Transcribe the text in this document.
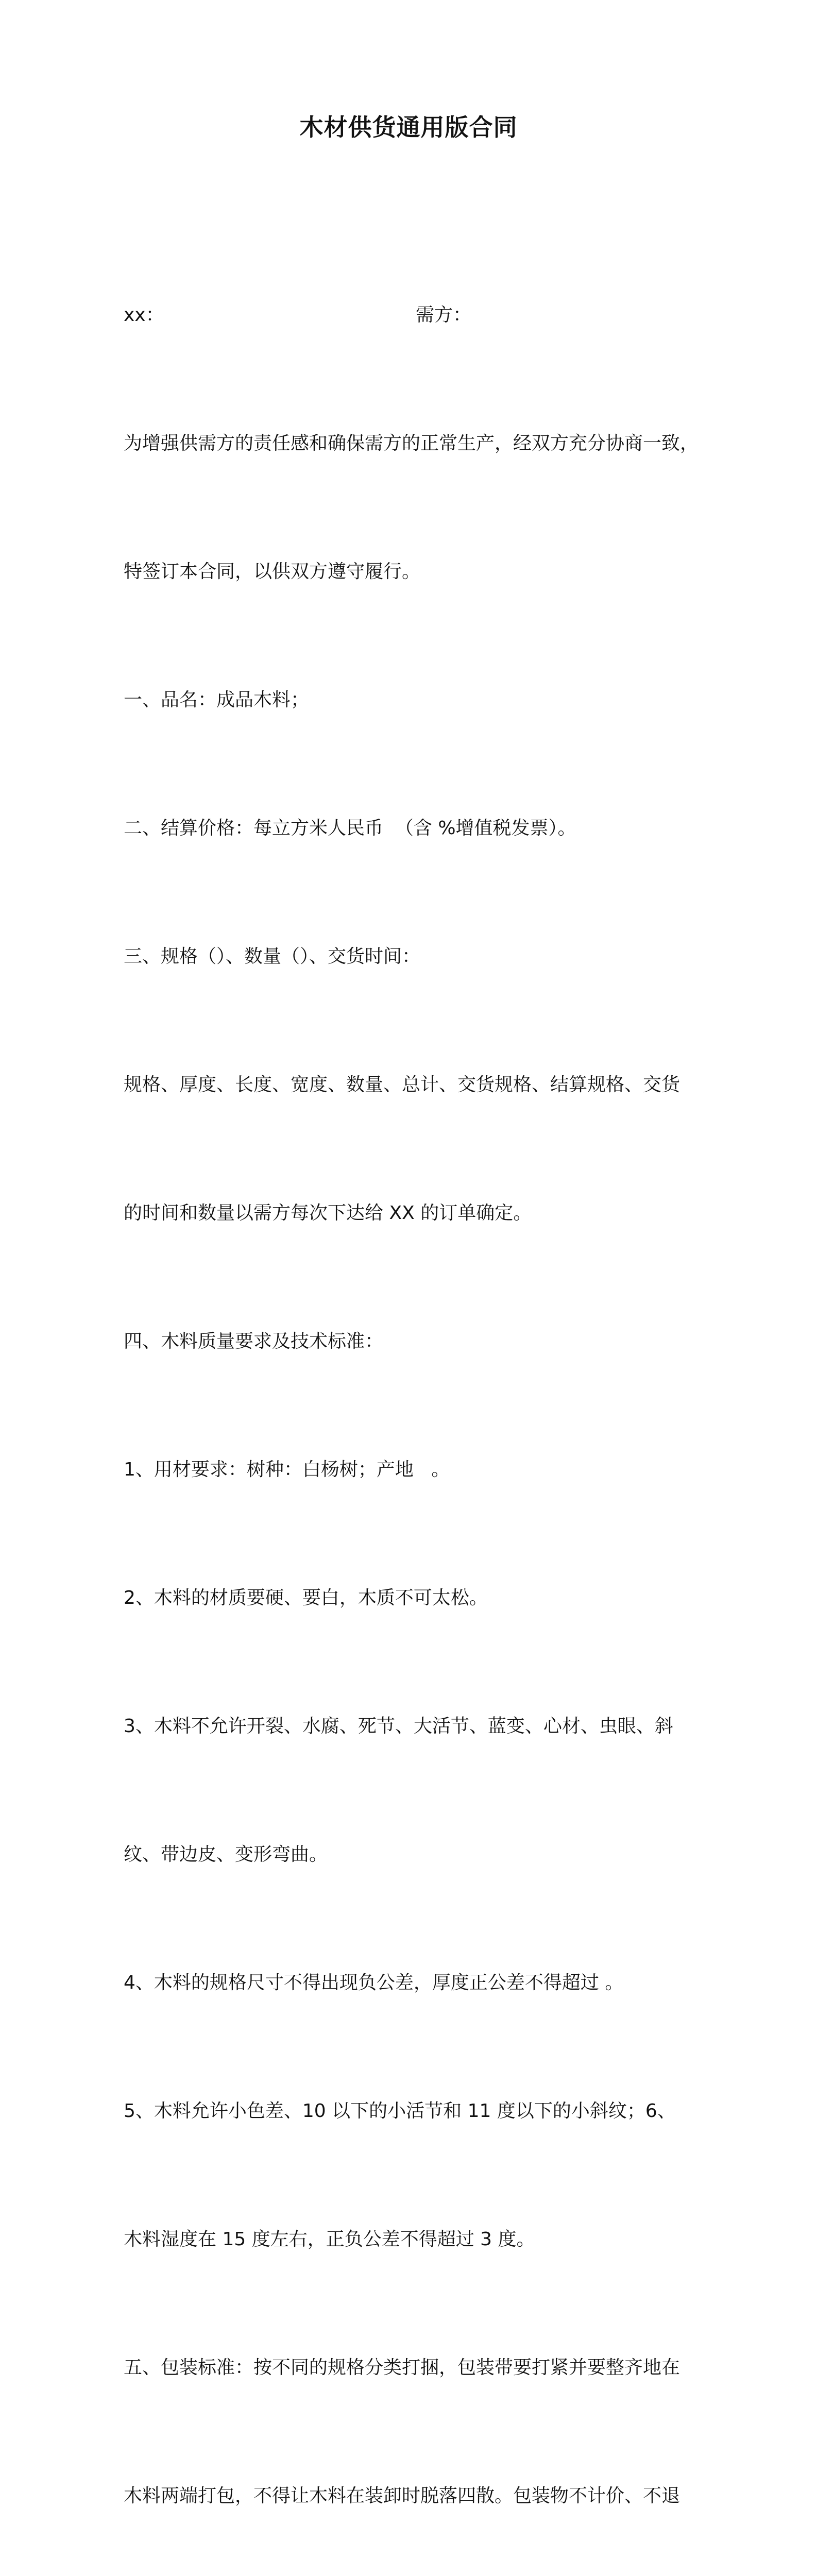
木材供货通用版合同

xx：

	需方：

为增强供需方的责任感和确保需方的正常生产，经双方充分协商一致，

特签订本合同，以供双方遵守履行。

一、品名：成品木料；

二、结算价格：每立方米人民币  （含 %增值税发票）。

三、规格（）、数量（）、交货时间：

规格、厚度、长度、宽度、数量、总计、交货规格、结算规格、交货

的时间和数量以需方每次下达给 XX 的订单确定。

四、木料质量要求及技术标准：

1、用材要求：树种：白杨树；产地   。

2、木料的材质要硬、要白，木质不可太松。

3、木料不允许开裂、水腐、死节、大活节、蓝变、心材、虫眼、斜

纹、带边皮、变形弯曲。

4、木料的规格尺寸不得出现负公差，厚度正公差不得超过 。

5、木料允许小色差、10 以下的小活节和 11 度以下的小斜纹；6、

木料湿度在 15 度左右，正负公差不得超过 3 度。

五、包装标准：按不同的规格分类打捆，包装带要打紧并要整齐地在

木料两端打包，不得让木料在装卸时脱落四散。包装物不计价、不退
